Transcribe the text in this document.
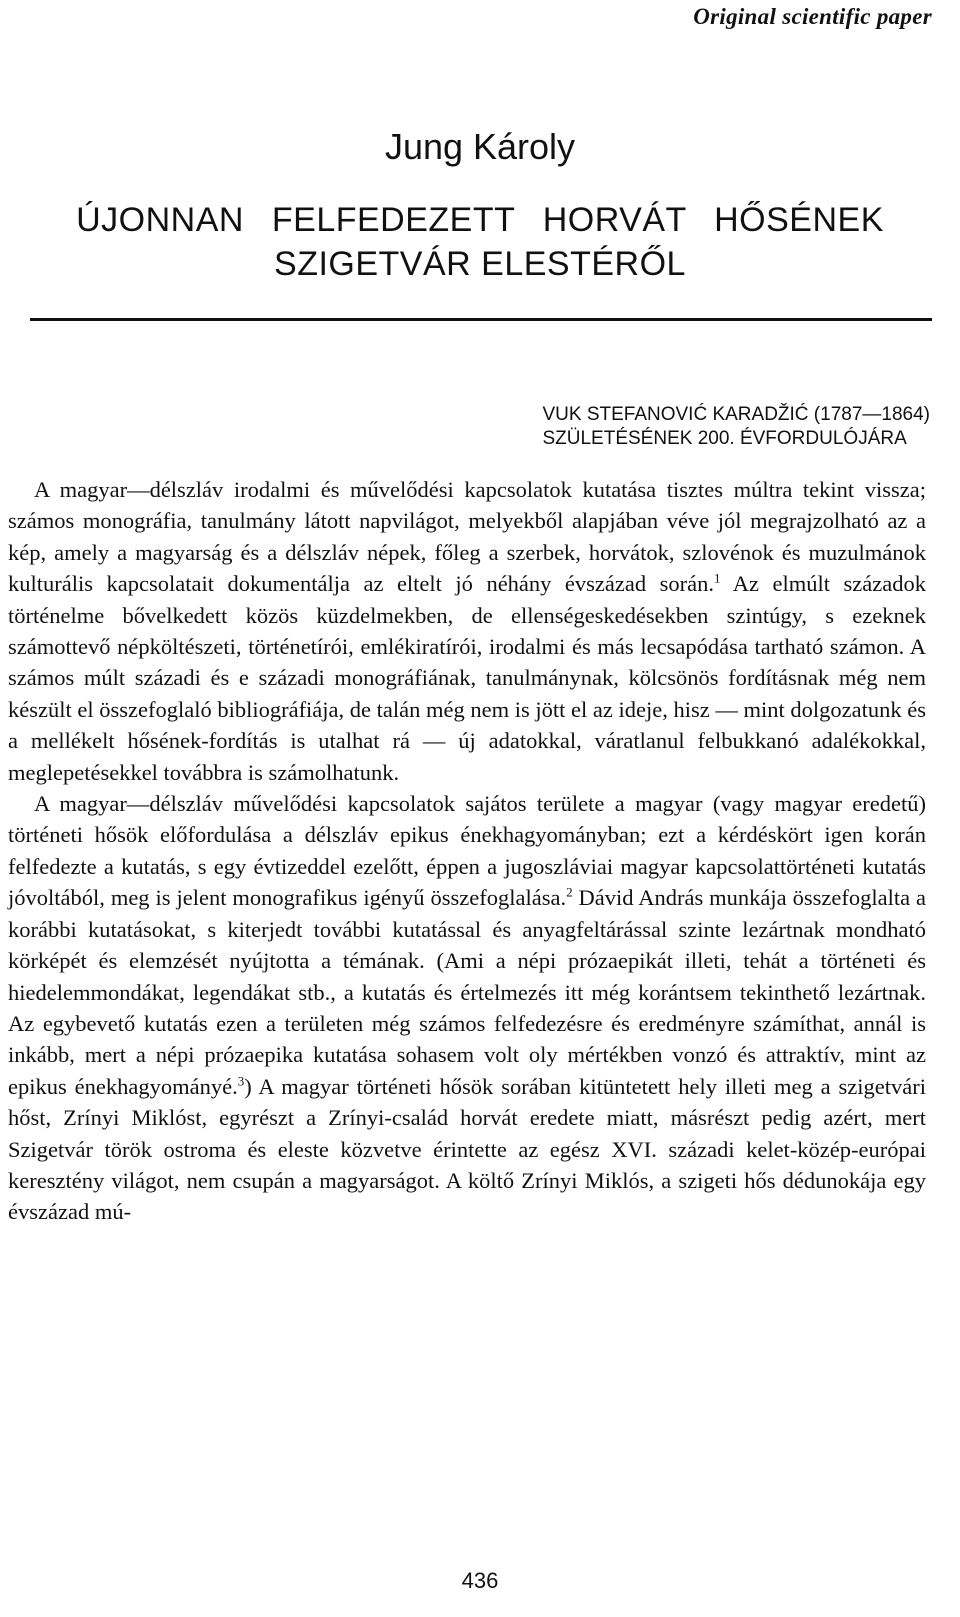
Original scientific paper
Jung Károly
ÚJONNAN FELFEDEZETT HORVÁT HŐSÉNEK
SZIGETVÁR ELESTÉRŐL
VUK STEFANOVIĆ KARADŽIĆ (1787—1864)
SZÜLETÉSÉNEK 200. ÉVFORDULÓJÁRA

A magyar—délszláv irodalmi és művelődési kapcsolatok kutatása tisztes múltra tekint vissza; számos monográfia, tanulmány látott napvilágot, melyekből alapjában véve jól megrajzolható az a kép, amely a magyarság és a délszláv népek, főleg a szerbek, horvátok, szlovénok és muzulmánok kulturális kapcsolatait dokumentálja az eltelt jó néhány évszázad során.$^1$ Az elmúlt századok történelme bővelkedett közös küzdelmekben, de ellenségeskedésekben szintúgy, s ezeknek számottevő népköltészeti, történetírói, emlékiratírói, irodalmi és más lecsapódása tartható számon. A számos múlt századi és e századi monográfiának, tanulmánynak, kölcsönös fordításnak még nem készült el összefoglaló bibliográfiája, de talán még nem is jött el az ideje, hisz — mint dolgozatunk és a mellékelt hősének-fordítás is utalhat rá — új adatokkal, váratlanul felbukkanó adalékokkal, meglepetésekkel továbbra is számolhatunk.

A magyar—délszláv művelődési kapcsolatok sajátos területe a magyar (vagy magyar eredetű) történeti hősök előfordulása a délszláv epikus énekhagyományban; ezt a kérdéskört igen korán felfedezte a kutatás, s egy évtizeddel ezelőtt, éppen a jugoszláviai magyar kapcsolattörténeti kutatás jóvoltából, meg is jelent monografikus igényű összefoglalása.$^2$ Dávid András munkája összefoglalta a korábbi kutatásokat, s kiterjedt további kutatással és anyagfeltárással szinte lezártnak mondható körképét és elemzését nyújtotta a témának. (Ami a népi prózaepikát illeti, tehát a történeti és hiedelemmondákat, legendákat stb., a kutatás és értelmezés itt még korántsem tekinthető lezártnak. Az egybevető kutatás ezen a területen még számos felfedezésre és eredményre számíthat, annál is inkább, mert a népi prózaepika kutatása sohasem volt oly mértékben vonzó és attraktív, mint az epikus énekhagyományé.$^3$) A magyar történeti hősök sorában kitüntetett hely illeti meg a szigetvári hőst, Zrínyi Miklóst, egyrészt a Zrínyi-család horvát eredete miatt, másrészt pedig azért, mert Szigetvár török ostroma és eleste közvetve érintette az egész XVI. századi kelet-közép-európai keresztény világot, nem csupán a magyarságot. A költő Zrínyi Miklós, a szigeti hős dédunokája egy évszázad mú-

436
